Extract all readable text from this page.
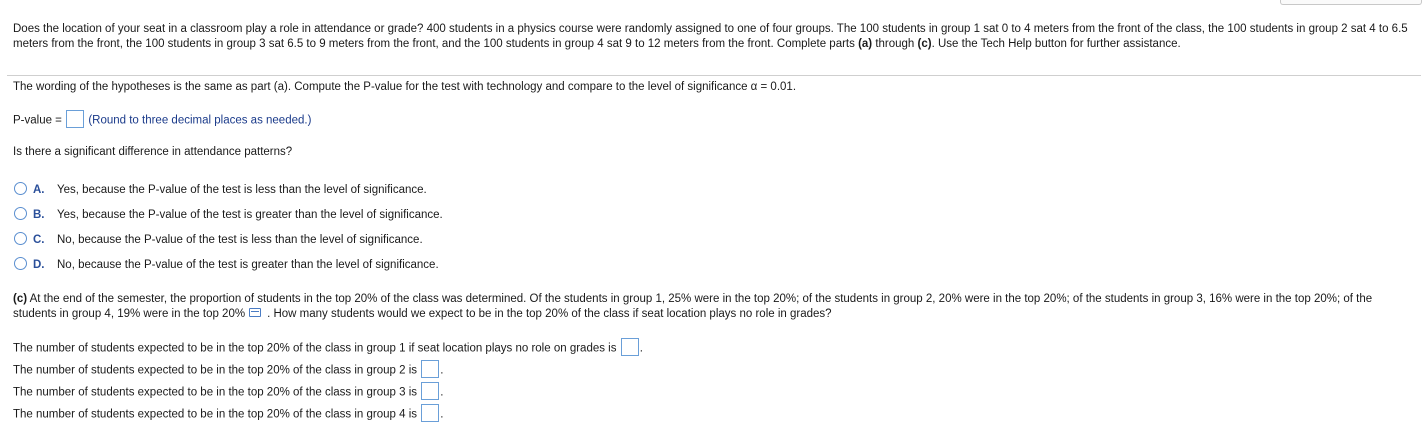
Does the location of your seat in a classroom play a role in attendance or grade? 400 students in a physics course were randomly assigned to one of four groups. The 100 students in group 1 sat 0 to 4 meters from the front of the class, the 100 students in group 2 sat 4 to 6.5 meters from the front, the 100 students in group 3 sat 6.5 to 9 meters from the front, and the 100 students in group 4 sat 9 to 12 meters from the front. Complete parts (a) through (c). Use the Tech Help button for further assistance.
The wording of the hypotheses is the same as part (a). Compute the P-value for the test with technology and compare to the level of significance α = 0.01.
P-value = (Round to three decimal places as needed.)
Is there a significant difference in attendance patterns?
A. Yes, because the P-value of the test is less than the level of significance.
B. Yes, because the P-value of the test is greater than the level of significance.
C. No, because the P-value of the test is less than the level of significance.
D. No, because the P-value of the test is greater than the level of significance.
(c) At the end of the semester, the proportion of students in the top 20% of the class was determined. Of the students in group 1, 25% were in the top 20%; of the students in group 2, 20% were in the top 20%; of the students in group 3, 16% were in the top 20%; of the students in group 4, 19% were in the top 20% . How many students would we expect to be in the top 20% of the class if seat location plays no role in grades?
The number of students expected to be in the top 20% of the class in group 1 if seat location plays no role on grades is .
The number of students expected to be in the top 20% of the class in group 2 is .
The number of students expected to be in the top 20% of the class in group 3 is .
The number of students expected to be in the top 20% of the class in group 4 is .
